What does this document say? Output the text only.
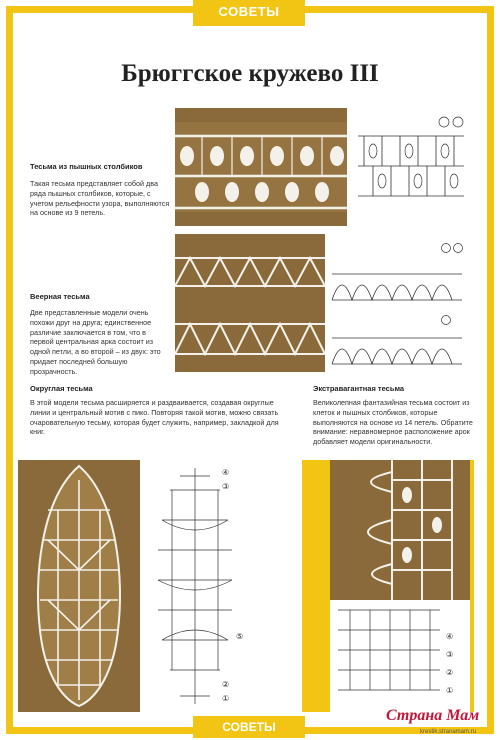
СОВЕТЫ
Брюггское кружево III
Тесьма из пышных столбиков
Такая тесьма представляет собой два ряда пышных столбиков, которые, с учетом рельефности узора, выполняются на основе из 9 петель.
Веерная тесьма
Две представленные модели очень похожи друг на друга; единственное различие заключается в том, что в первой центральная арка состоит из одной петли, а во второй – из двух: это придает последней большую прозрачность.
Округлая тесьма
В этой модели тесьма расширяется и раздваивается, создавая округлые линии и центральный мотив с пико. Повторяя такой мотив, можно связать очаровательную тесьму, которая будет служить, например, закладкой для книг.
Экстравагантная тесьма
Великолепная фантазийная тесьма состоит из клеток и пышных столбиков, которые выполняются на основе из 14 петель. Обратите внимание: неравномерное расположение арок добавляет модели оригинальности.
④
③
⑤
②
①
④
③
②
①
СОВЕТЫ
Страна Мам
krestik.stranamam.ru
